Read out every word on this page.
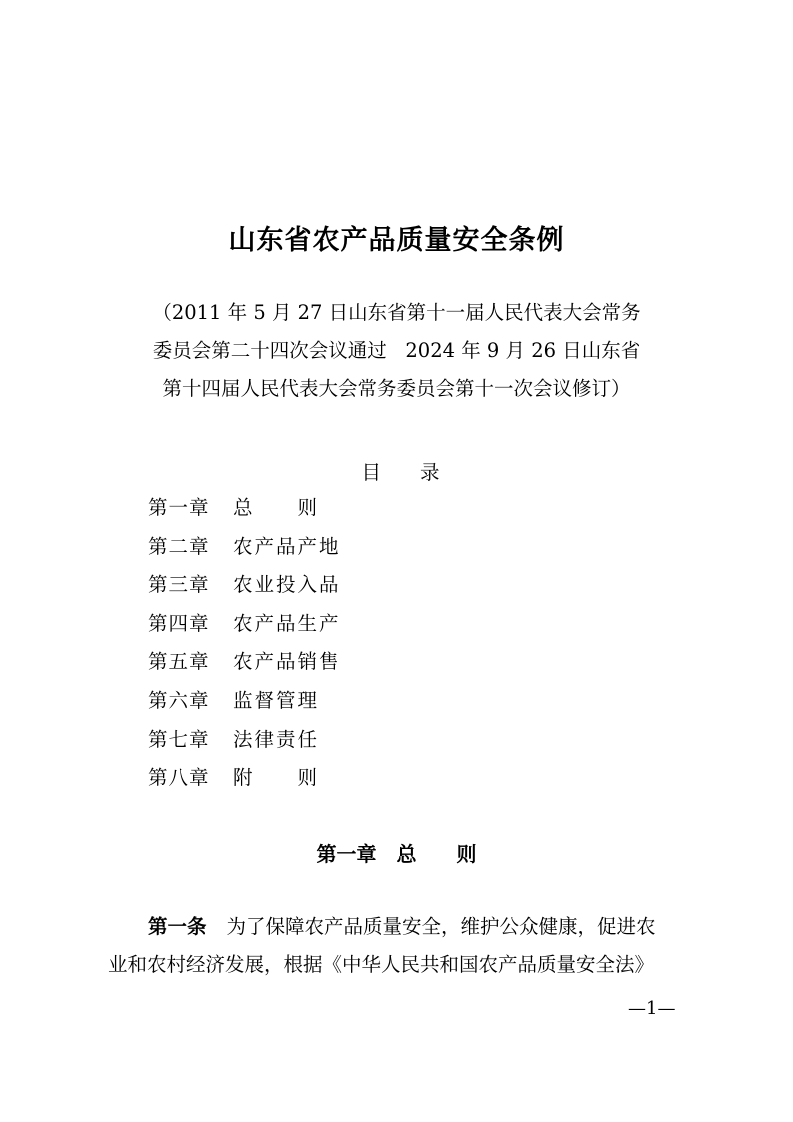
山东省农产品质量安全条例
（2011 年 5 月 27 日山东省第十一届人民代表大会常务
委员会第二十四次会议通过   2024 年 9 月 26 日山东省
第十四届人民代表大会常务委员会第十一次会议修订）
目　　录
第一章	总　　则
第二章	农产品产地
第三章	农业投入品
第四章	农产品生产
第五章	农产品销售
第六章	监督管理
第七章	法律责任
第八章	附　　则
第一章　总　　则
第一条 为了保障农产品质量安全，维护公众健康，促进农
业和农村经济发展，根据《中华人民共和国农产品质量安全法》
—1—
